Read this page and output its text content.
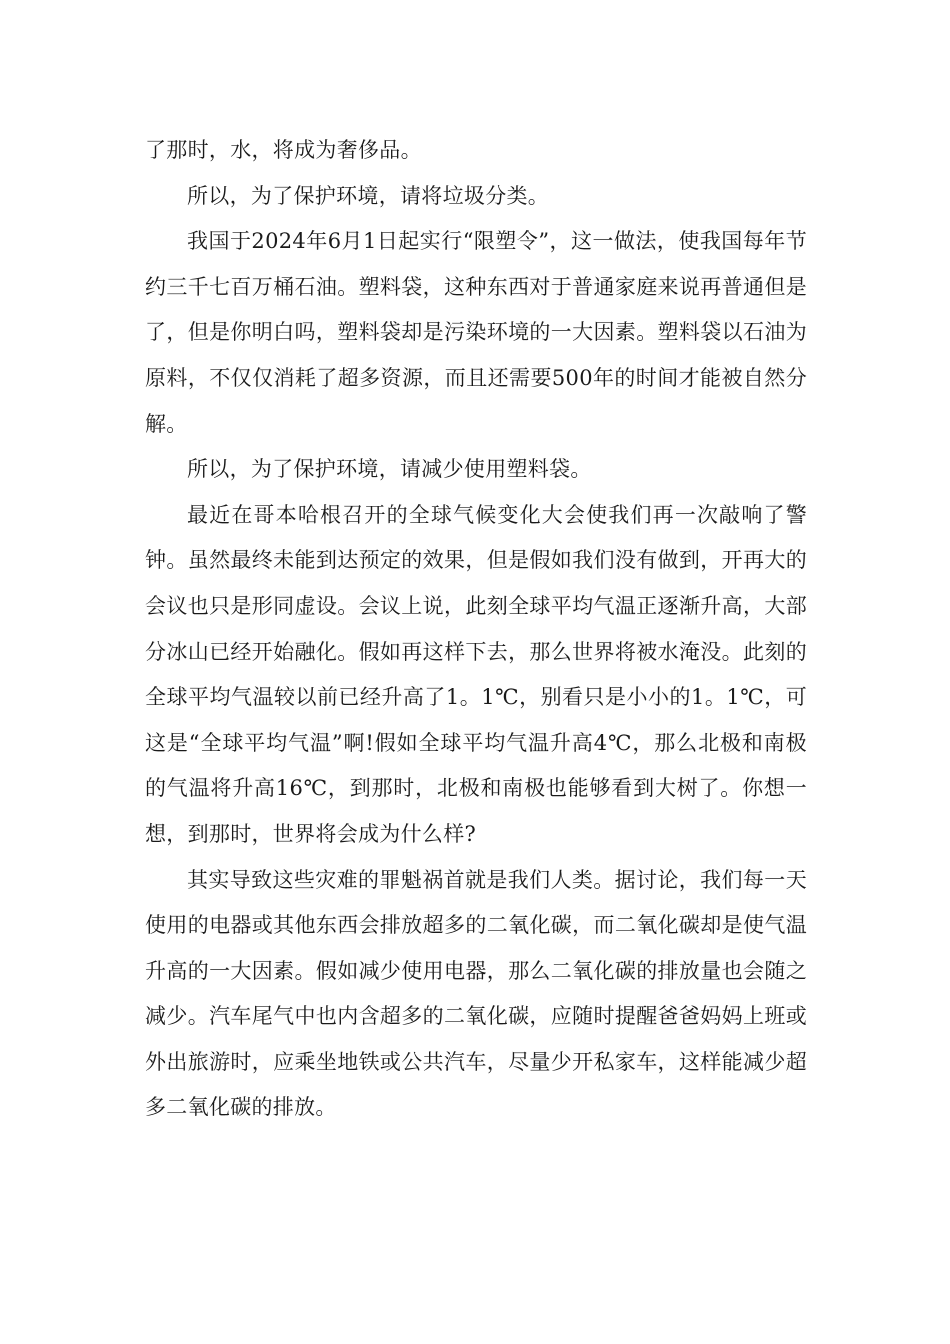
了那时，水，将成为奢侈品。

所以，为了保护环境，请将垃圾分类。

我国于2024年6月1日起实行“限塑令”，这一做法，使我国每年节约三千七百万桶石油。塑料袋，这种东西对于普通家庭来说再普通但是了，但是你明白吗，塑料袋却是污染环境的一大因素。塑料袋以石油为原料，不仅仅消耗了超多资源，而且还需要500年的时间才能被自然分解。

所以，为了保护环境，请减少使用塑料袋。

最近在哥本哈根召开的全球气候变化大会使我们再一次敲响了警钟。虽然最终未能到达预定的效果，但是假如我们没有做到，开再大的会议也只是形同虚设。会议上说，此刻全球平均气温正逐渐升高，大部分冰山已经开始融化。假如再这样下去，那么世界将被水淹没。此刻的全球平均气温较以前已经升高了1。1℃，别看只是小小的1。1℃，可这是“全球平均气温”啊!假如全球平均气温升高4℃，那么北极和南极的气温将升高16℃，到那时，北极和南极也能够看到大树了。你想一想，到那时，世界将会成为什么样?

其实导致这些灾难的罪魁祸首就是我们人类。据讨论，我们每一天使用的电器或其他东西会排放超多的二氧化碳，而二氧化碳却是使气温升高的一大因素。假如减少使用电器，那么二氧化碳的排放量也会随之减少。汽车尾气中也内含超多的二氧化碳，应随时提醒爸爸妈妈上班或外出旅游时，应乘坐地铁或公共汽车，尽量少开私家车，这样能减少超多二氧化碳的排放。
